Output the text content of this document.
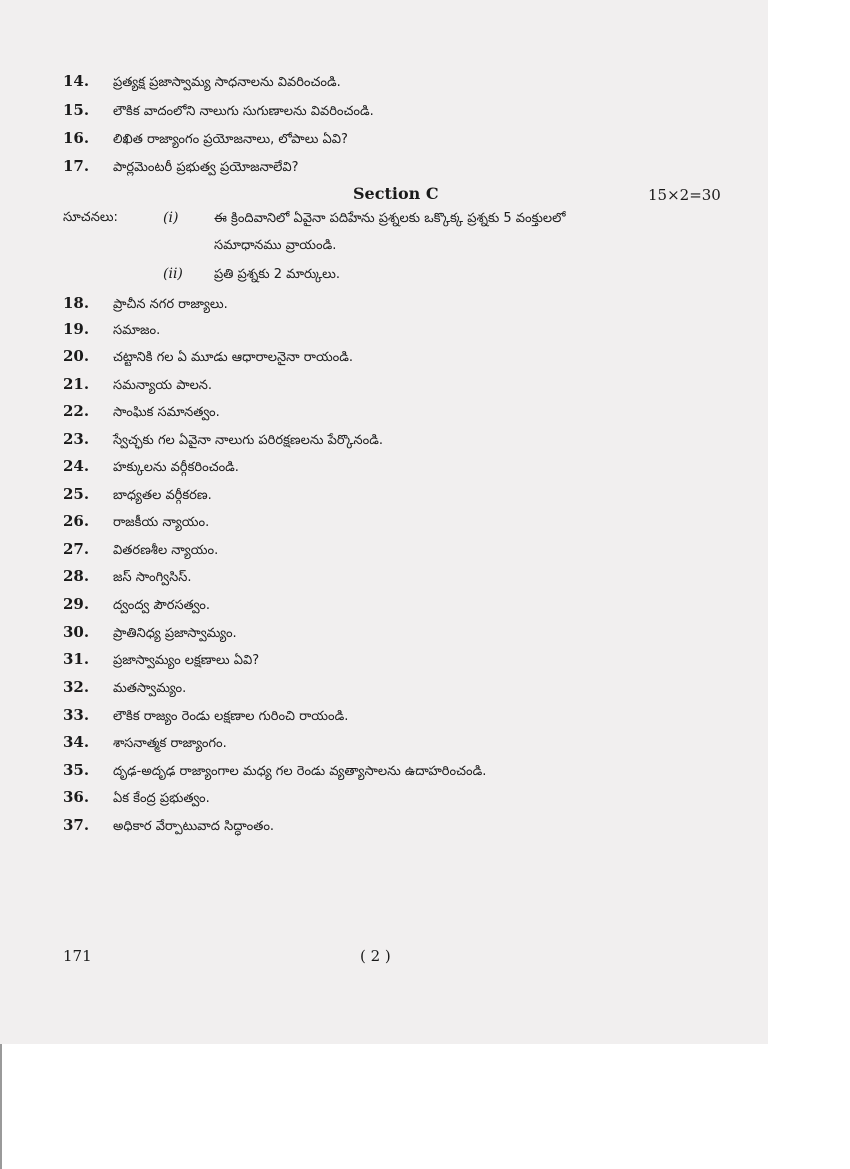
14. ప్రత్యక్ష ప్రజాస్వామ్య సాధనాలను వివరించండి.
15. లౌకిక వాదంలోని నాలుగు సుగుణాలను వివరించండి.
16. లిఖిత రాజ్యాంగం ప్రయోజనాలు, లోపాలు ఏవి?
17. పార్లమెంటరీ ప్రభుత్వ ప్రయోజనాలేవి?
Section C	15×2=30
సూచనలు:	(i)	ఈ క్రిందివానిలో ఏవైనా పదిహేను ప్రశ్నలకు ఒక్కొక్క ప్రశ్నకు 5 వంక్తులలో
సమాధానము వ్రాయండి.
(ii) ప్రతి ప్రశ్నకు 2 మార్కులు.
18. ప్రాచీన నగర రాజ్యాలు.
19. సమాజం.
20. చట్టానికి గల ఏ మూడు ఆధారాలనైనా రాయండి.
21. సమన్యాయ పాలన.
22. సాంఘిక సమానత్వం.
23. స్వేచ్ఛకు గల ఏవైనా నాలుగు పరిరక్షణలను పేర్కొనండి.
24. హక్కులను వర్గీకరించండి.
25. బాధ్యతల వర్గీకరణ.
26. రాజకీయ న్యాయం.
27. వితరణశీల న్యాయం.
28. జస్ సాంగ్విసిస్.
29. ద్వంద్వ పౌరసత్వం.
30. ప్రాతినిధ్య ప్రజాస్వామ్యం.
31. ప్రజాస్వామ్యం లక్షణాలు ఏవి?
32. మతస్వామ్యం.
33. లౌకిక రాజ్యం రెండు లక్షణాల గురించి రాయండి.
34. శాసనాత్మక రాజ్యాంగం.
35. దృఢ-అదృఢ రాజ్యాంగాల మధ్య గల రెండు వ్యత్యాసాలను ఉదాహరించండి.
36. ఏక కేంద్ర ప్రభుత్వం.
37. అధికార వేర్పాటువాద సిద్ధాంతం.
171	( 2 )
